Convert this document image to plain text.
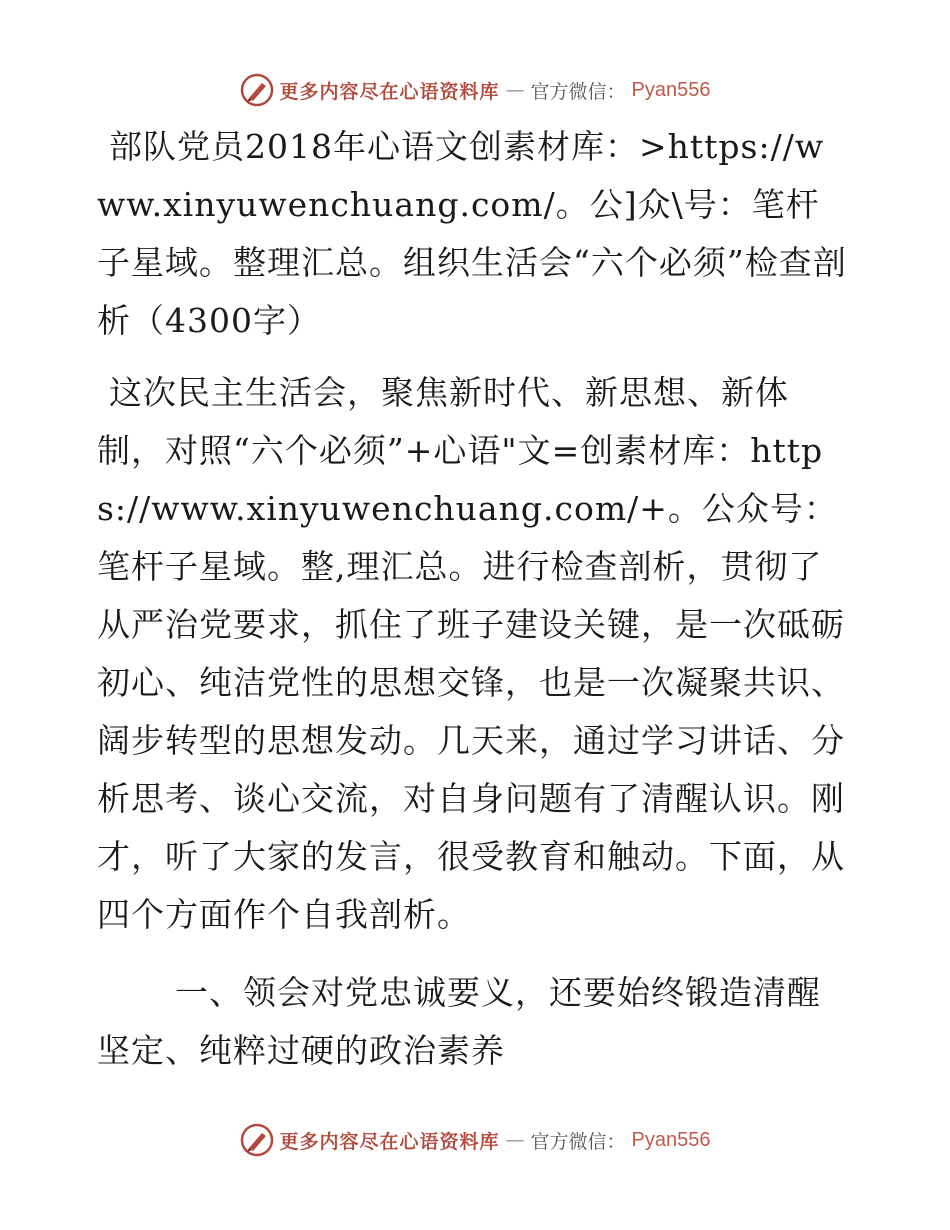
更多内容尽在心语资料库 — 官方微信： Pyan556

部队党员2018年心语文创素材库：>https://www.xinyuwenchuang.com/。公]众\号：笔杆子星域。整理汇总。组织生活会“六个必须”检查剖析（4300字）

这次民主生活会，聚焦新时代、新思想、新体制，对照“六个必须”+心语"文=创素材库：https://www.xinyuwenchuang.com/+。公众号：笔杆子星域。整,理汇总。进行检查剖析，贯彻了从严治党要求，抓住了班子建设关键，是一次砥砺初心、纯洁党性的思想交锋，也是一次凝聚共识、阔步转型的思想发动。几天来，通过学习讲话、分析思考、谈心交流，对自身问题有了清醒认识。刚才，听了大家的发言，很受教育和触动。下面，从四个方面作个自我剖析。

一、领会对党忠诚要义，还要始终锻造清醒坚定、纯粹过硬的政治素养

更多内容尽在心语资料库 — 官方微信： Pyan556
